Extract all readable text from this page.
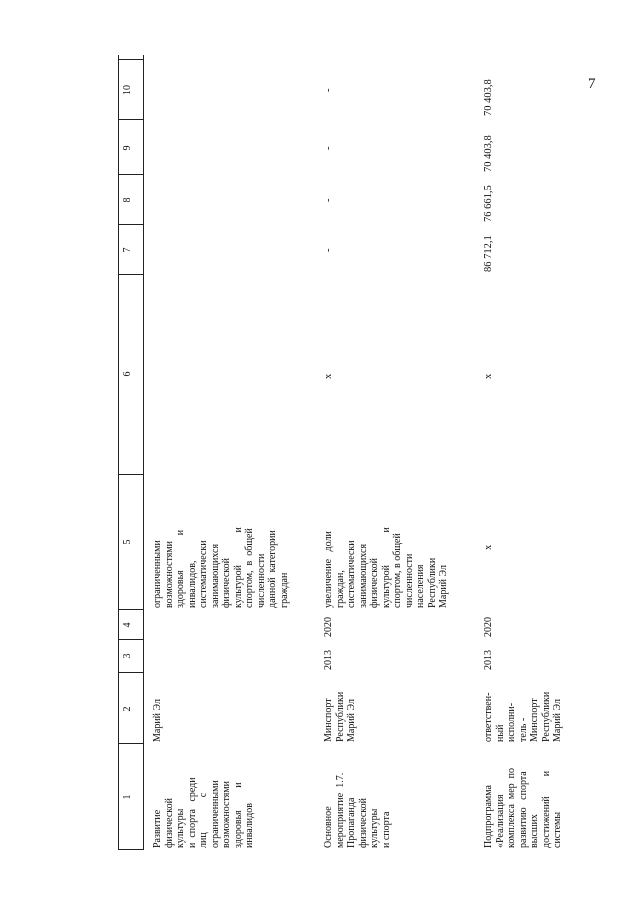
7
1
2
3
4
5
6
7
8
9
10
Развитие
физической
культуры
и  спорта   среди
лиц              с
ограниченными
возможностями
здоровья         и
инвалидов
Марий Эл
ограниченными
возможностями
здоровья              и
инвалидов,
систематически
занимающихся
физической
культурой             и
спортом,  в  общей
численности
данной  категории
граждан
Основное
мероприятие  1.7.
Пропаганда
физической
культуры
и спорта
Минспорт
Республики
Марий Эл
2013
2020
увеличение   доли
граждан,
систематически
занимающихся
физической
культурой             и
спортом, в общей
численности
населения
Республики
Марий Эл
х
-
-
-
-
Подпрограмма
«Реализация
комплекса  мер  по
развитию   спорта
высших
достижений        и
системы
ответствен-
ный
исполни-
тель -
Минспорт
Республики
Марий Эл
2013
2020
х
х
86 712,1
76 661,5
70 403,8
70 403,8
